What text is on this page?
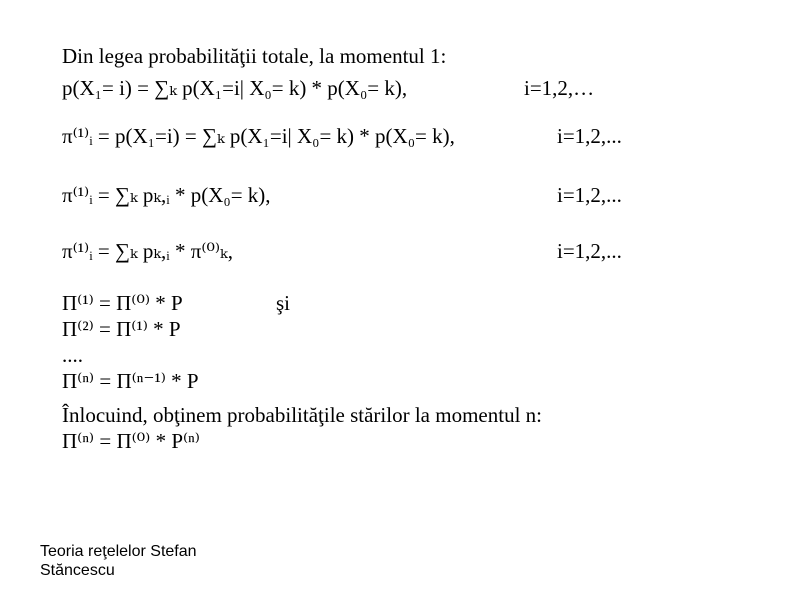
Din legea probabilităţii totale, la momentul 1:
p(X₁= i) = ∑ₖ p(X₁=i| X₀= k) * p(X₀= k),	i=1,2,…
π⁽¹⁾ᵢ = p(X₁=i) = ∑ₖ p(X₁=i| X₀= k) * p(X₀= k),	i=1,2,...
π⁽¹⁾ᵢ = ∑ₖ pₖ,ᵢ * p(X₀= k),	i=1,2,...
π⁽¹⁾ᵢ = ∑ₖ pₖ,ᵢ * π⁽⁰⁾ₖ,	i=1,2,...
Π⁽¹⁾ = Π⁽⁰⁾ * P	şi
Π⁽²⁾ = Π⁽¹⁾ * P
....
Π⁽ⁿ⁾ = Π⁽ⁿ⁻¹⁾ * P
Înlocuind, obţinem probabilităţile stărilor la momentul n:
Π⁽ⁿ⁾ = Π⁽⁰⁾ * P⁽ⁿ⁾
Teoria reţelelor Stefan
Stăncescu
